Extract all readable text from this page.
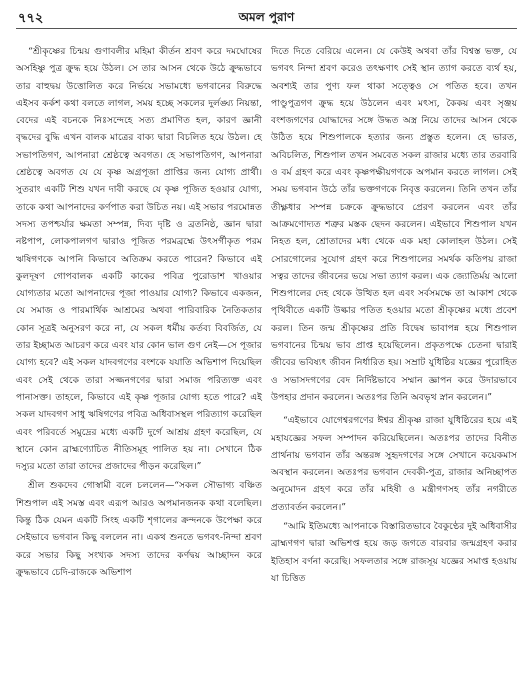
৭৭২	অমল পুরাণ

“শ্রীকৃষ্ণের চিন্ময় গুণাবলীর মহিমা কীর্তন শ্রবণ করে দমঘোষের অসহিষ্ণু পুত্র ক্রুদ্ধ হয়ে উঠল। সে তার আসন থেকে উঠে ক্রুদ্ধভাবে তার বাহুদ্বয় উত্তোলিত করে নির্ভয়ে সভামধ্যে ভগবানের বিরুদ্ধে এইসব কর্কশ কথা বলতে লাগল, সময় হচ্ছে সকলের দুর্লঙ্ঘ্য নিয়ন্তা, বেদের এই বচনকে নিঃসন্দেহে সত্য প্রমাণিত হল, কারণ জ্ঞানী বৃদ্ধদের বুদ্ধি এখন বালক মাত্রের বাক্য দ্বারা বিচলিত হয়ে উঠল। হে সভাপতিগণ, আপনারা শ্রেষ্ঠত্বে অবগত। হে সভাপতিগণ, আপনারা শ্রেষ্ঠত্বে অবগত যে যে কৃষ্ণ অগ্রপূজা প্রাপ্তির জন্য যোগ্য প্রার্থী। সুতরাং একটি শিশু যখন দাবী করছে যে কৃষ্ণ পূজিত হওয়ার যোগ্য, তাকে কথা আপনাদের কর্ণপাত করা উচিত নয়। এই সভার পরমোন্নত সদস্য তপশ্চর্যার ক্ষমতা সম্পন্ন, দিব্য দৃষ্টি ও ব্রতনিষ্ঠ, জ্ঞান দ্বারা নষ্টপাপ, লোকপালগণ দ্বারাও পূজিত পরমব্রহ্মে উৎসর্গীকৃত পরম ঋষিগণকে আপনি কিভাবে অতিক্রম করতে পারেন? কিভাবে এই কুলদূষণ গোপবালক একটি কাকের পবিত্র পুরোডাশ খাওয়ার যোগ্যতার মতো আপনাদের পূজা পাওয়ার যোগ্য? কিভাবে একজন, যে সমাজ ও পারমার্থিক আশ্রমের অথবা পারিবারিক নৈতিকতার কোন সূত্রই অনুসরণ করে না, যে সকল ধর্মীয় কর্তব্য বিবর্জিত, যে তার ইচ্ছামত আচরণ করে এবং যার কোন ভাল গুণ নেই—সে পূজার যোগ্য হবে? এই সকল যাদবগণের বংশকে যযাতি অভিশাপ দিয়েছিল এবং সেই থেকে তারা সজ্জনগণের দ্বারা সমাজ পরিত্যক্ত এবং পানাসক্ত। তাহলে, কিভাবে এই কৃষ্ণ পূজার যোগ্য হতে পারে? এই সকল যাদবগণ সাধু ঋষিগণের পবিত্র অধিবাসস্থল পরিত্যাগ করেছিল এবং পরিবর্তে সমুদ্রের মধ্যে একটি দুর্গে আশ্রয় গ্রহণ করেছিল, যে স্থানে কোন ব্রাহ্মণ্যোচিত নীতিসমূহ পালিত হয় না। সেখানে ঠিক দস্যুর মতো তারা তাদের প্রজাদের পীড়ন করেছিল।”

শ্রীল শুকদেব গোস্বামী বলে চললেন—“সকল সৌভাগ্য বঞ্চিত শিশুপাল এই সমস্ত এবং এরূপ আরও অপমানজনক কথা বলেছিল। কিন্তু ঠিক যেমন একটি সিংহ একটি শৃগালের ক্রন্দনকে উপেক্ষা করে সেইভাবে ভগবান কিছু বললেন না। একথ শুনতে ভগবৎ-নিন্দা শ্রবণ করে সভার কিছু সংখ্যক সদস্য তাদের কর্ণদ্বয় আচ্ছাদন করে ক্রুদ্ধভাবে চেদি-রাজকে অভিশাপ

দিতে দিতে বেরিয়ে এলেন। যে কেউই অথবা তাঁর বিশ্বস্ত ভক্ত, যে ভগবৎ নিন্দা শ্রবণ করেও তৎক্ষণাৎ সেই স্থান ত্যাগ করতে ব্যর্থ হয়, অবশ্যই তার পুণ্য ফল থাকা সত্ত্বেও সে পতিত হবে। তখন পাণ্ডুপুত্রগণ ক্রুদ্ধ হয়ে উঠলেন এবং মৎস্য, কৈকয় এবং সৃঞ্জয় বংশজগণের যোদ্ধাদের সঙ্গে উদ্ধত অস্ত্র নিয়ে তাদের আসন থেকে উঠিত হয়ে শিশুপালকে হত্যার জন্য প্রস্তুত হলেন। হে ভারত, অবিচলিত, শিশুপাল তখন সমবেত সকল রাজার মধ্যে তার তরবারি ও বর্ম গ্রহণ করে এবং কৃষ্ণপক্ষীয়গণকে অপমান করতে লাগল। সেই সময় ভগবান উঠে তাঁর ভক্তগণকে নিবৃত্ত করলেন। তিনি তখন তাঁর তীক্ষ্ণধার সম্পন্ন চক্রকে ক্রুদ্ধভাবে প্রেরণ করলেন এবং তাঁর আক্রমণোদ্যত শত্রুর মস্তক ছেদন করলেন। এইভাবে শিশুপাল যখন নিহত হল, শ্রোতাদের মধ্য থেকে এক মহা কোলাহল উঠল। সেই সোরগোলের সুযোগ গ্রহণ করে শিশুপালের সমর্থক কতিপয় রাজা সত্বর তাদের জীবনের ভয়ে সভা ত্যাগ করল। এক জ্যোতির্ময় আলো শিশুপালের দেহ থেকে উত্থিত হল এবং সর্বসমক্ষে তা আকাশ থেকে পৃথিবীতে একটি উল্কার পতিত হওয়ার মতো শ্রীকৃষ্ণের মধ্যে প্রবেশ করল। তিন জন্ম শ্রীকৃষ্ণের প্রতি বিদ্বেষ ভাবাপন্ন হয়ে শিশুপাল ভগবানের চিন্ময় ভাব প্রাপ্ত হয়েছিলেন। প্রকৃতপক্ষে চেতনা দ্বারাই জীবের ভবিষ্যৎ জীবন নির্ধারিত হয়। সম্রাট যুধিষ্ঠির যজ্ঞের পুরোহিত ও সভাসদগণের বেদ নির্দিষ্টভাবে সম্মান জ্ঞাপন করে উদারভাবে উপহার প্রদান করলেন। অতঃপর তিনি অবভৃথ স্নান করলেন।”

“এইভাবে যোগেশ্বরগণের ঈশ্বর শ্রীকৃষ্ণ রাজা যুধিষ্ঠিরের হয়ে এই মহাযজ্ঞের সফল সম্পাদন করিয়েছিলেন। অতঃপর তাদের বিনীত প্রার্থনায় ভগবান তাঁর অন্তরঙ্গ সুহৃদগণের সঙ্গে সেখানে কয়েকমাস অবস্থান করলেন। অতঃপর ভগবান দেবকী-পুত্র, রাজার অনিচ্ছাপত অনুমোদন গ্রহণ করে তাঁর মহিষী ও মন্ত্রীগণসহ তাঁর নগরীতে প্রত্যাবর্তন করলেন।”

“আমি ইতিমধ্যে আপনাকে বিস্তারিতভাবে বৈকুণ্ঠের দুই অধিবাসীর ব্রাহ্মণগণ দ্বারা অভিশপ্ত হয়ে জড় জগতে বারবার জন্মগ্রহণ করার ইতিহাস বর্ণনা করেছি। সফলতার সঙ্গে রাজসূয় যজ্ঞের সমাপ্ত হওয়ায় যা চিত্তিত
